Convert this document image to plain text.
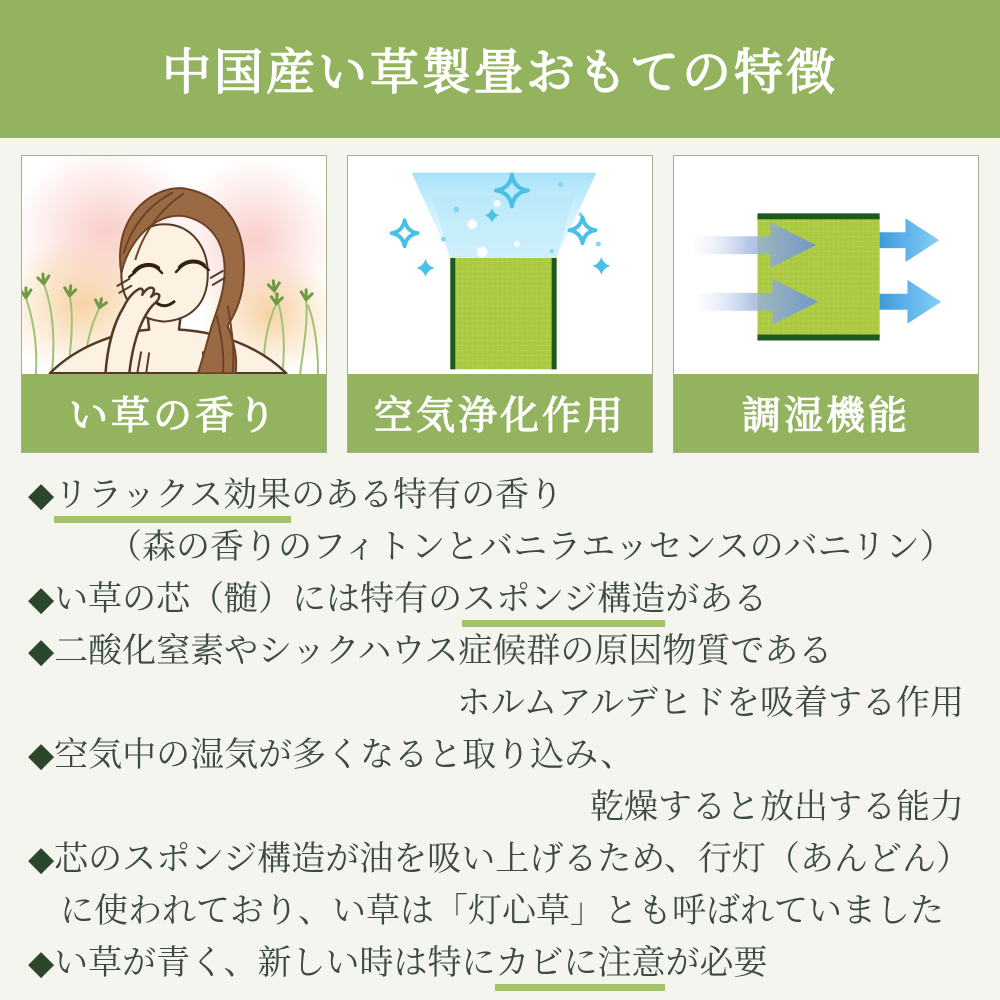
中国産い草製畳おもての特徴
い草の香り	空気浄化作用	調湿機能
◆リラックス効果のある特有の香り
（森の香りのフィトンとバニラエッセンスのバニリン）
◆い草の芯（髄）には特有のスポンジ構造がある
◆二酸化窒素やシックハウス症候群の原因物質である
ホルムアルデヒドを吸着する作用
◆空気中の湿気が多くなると取り込み、
乾燥すると放出する能力
◆芯のスポンジ構造が油を吸い上げるため、行灯（あんどん）
に使われており、い草は「灯心草」とも呼ばれていました
◆い草が青く、新しい時は特にカビに注意が必要
